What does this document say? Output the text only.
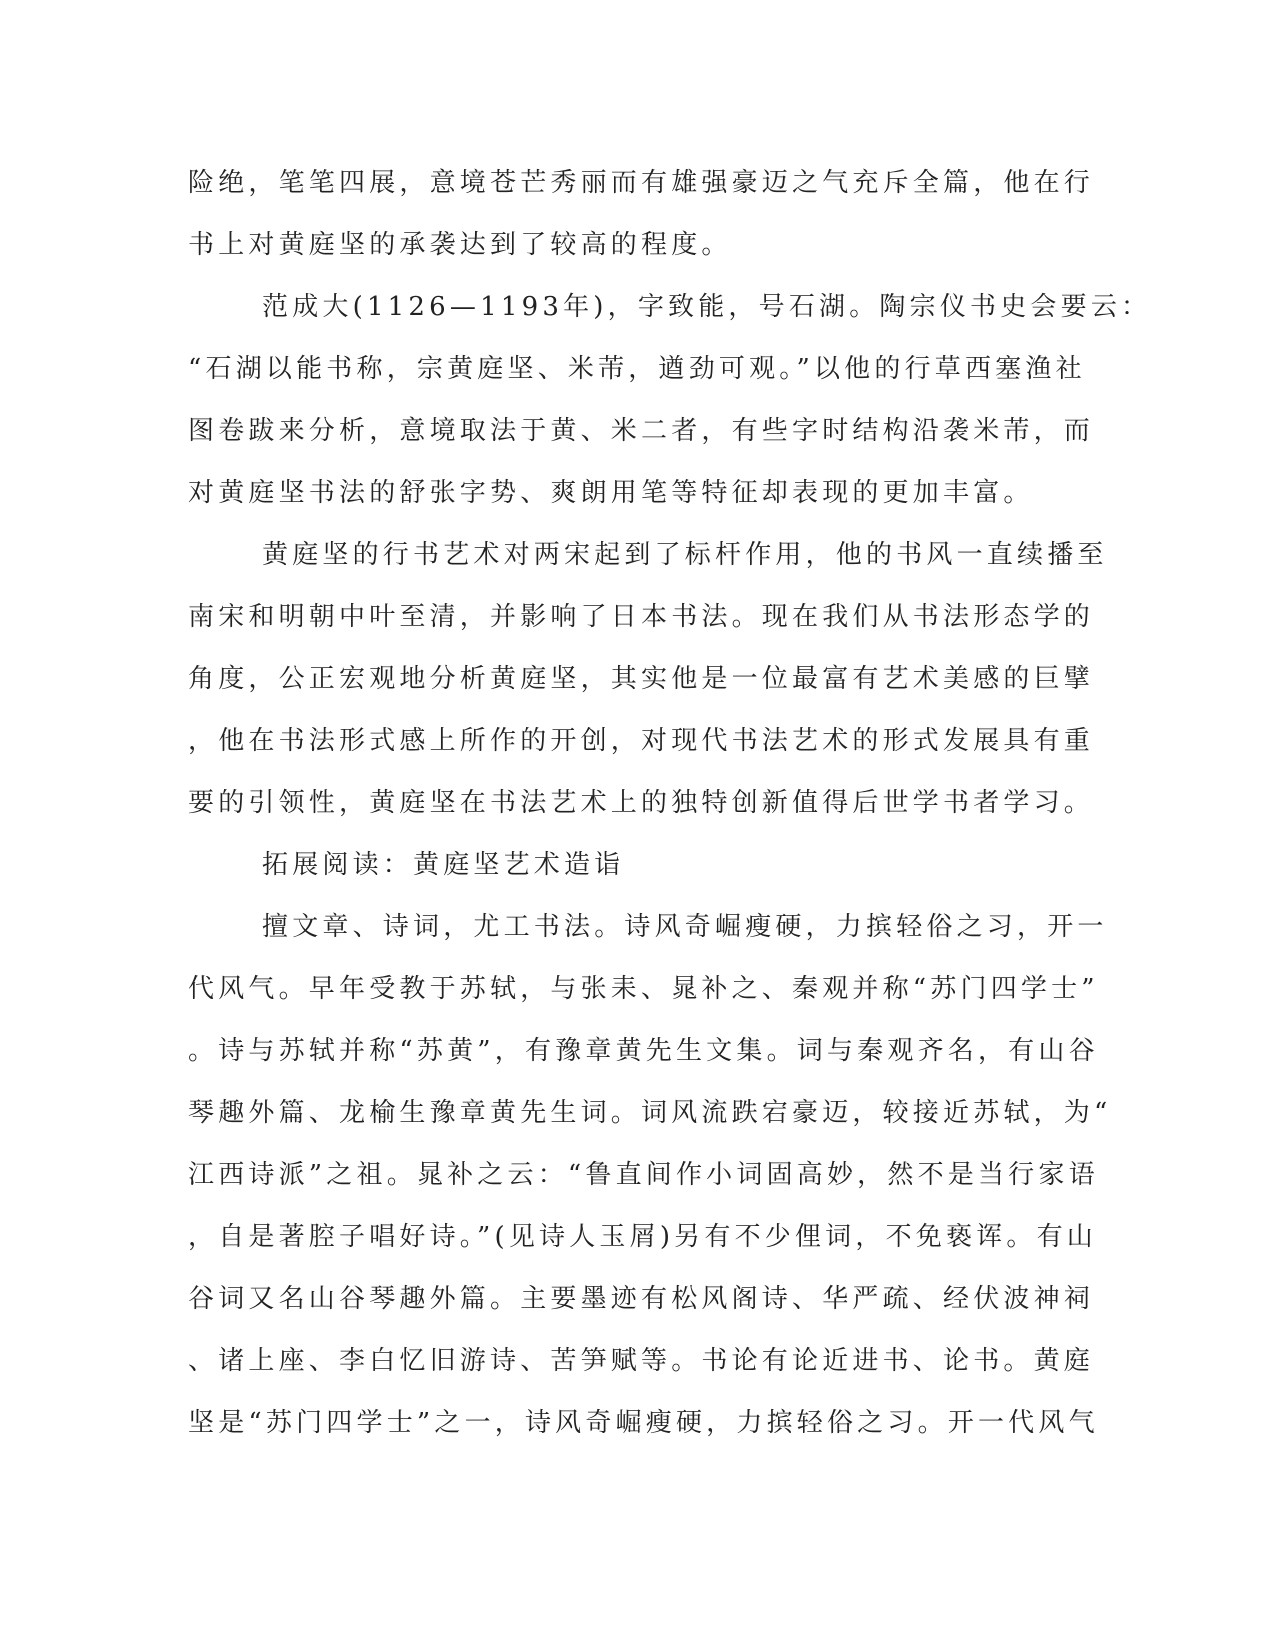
险绝，笔笔四展，意境苍芒秀丽而有雄强豪迈之气充斥全篇，他在行
书上对黄庭坚的承袭达到了较高的程度。
范成大(1126—1193年)，字致能，号石湖。陶宗仪书史会要云：
“石湖以能书称，宗黄庭坚、米芾，遒劲可观。”以他的行草西塞渔社
图卷跋来分析，意境取法于黄、米二者，有些字时结构沿袭米芾，而
对黄庭坚书法的舒张字势、爽朗用笔等特征却表现的更加丰富。
黄庭坚的行书艺术对两宋起到了标杆作用，他的书风一直续播至
南宋和明朝中叶至清，并影响了日本书法。现在我们从书法形态学的
角度，公正宏观地分析黄庭坚，其实他是一位最富有艺术美感的巨擘
，他在书法形式感上所作的开创，对现代书法艺术的形式发展具有重
要的引领性，黄庭坚在书法艺术上的独特创新值得后世学书者学习。
拓展阅读：黄庭坚艺术造诣
擅文章、诗词，尤工书法。诗风奇崛瘦硬，力摈轻俗之习，开一
代风气。早年受教于苏轼，与张耒、晁补之、秦观并称“苏门四学士”
。诗与苏轼并称“苏黄”，有豫章黄先生文集。词与秦观齐名，有山谷
琴趣外篇、龙榆生豫章黄先生词。词风流跌宕豪迈，较接近苏轼，为“
江西诗派”之祖。晁补之云：“鲁直间作小词固高妙，然不是当行家语
，自是著腔子唱好诗。”(见诗人玉屑)另有不少俚词，不免亵诨。有山
谷词又名山谷琴趣外篇。主要墨迹有松风阁诗、华严疏、经伏波神祠
、诸上座、李白忆旧游诗、苦笋赋等。书论有论近进书、论书。黄庭
坚是“苏门四学士”之一，诗风奇崛瘦硬，力摈轻俗之习。开一代风气
